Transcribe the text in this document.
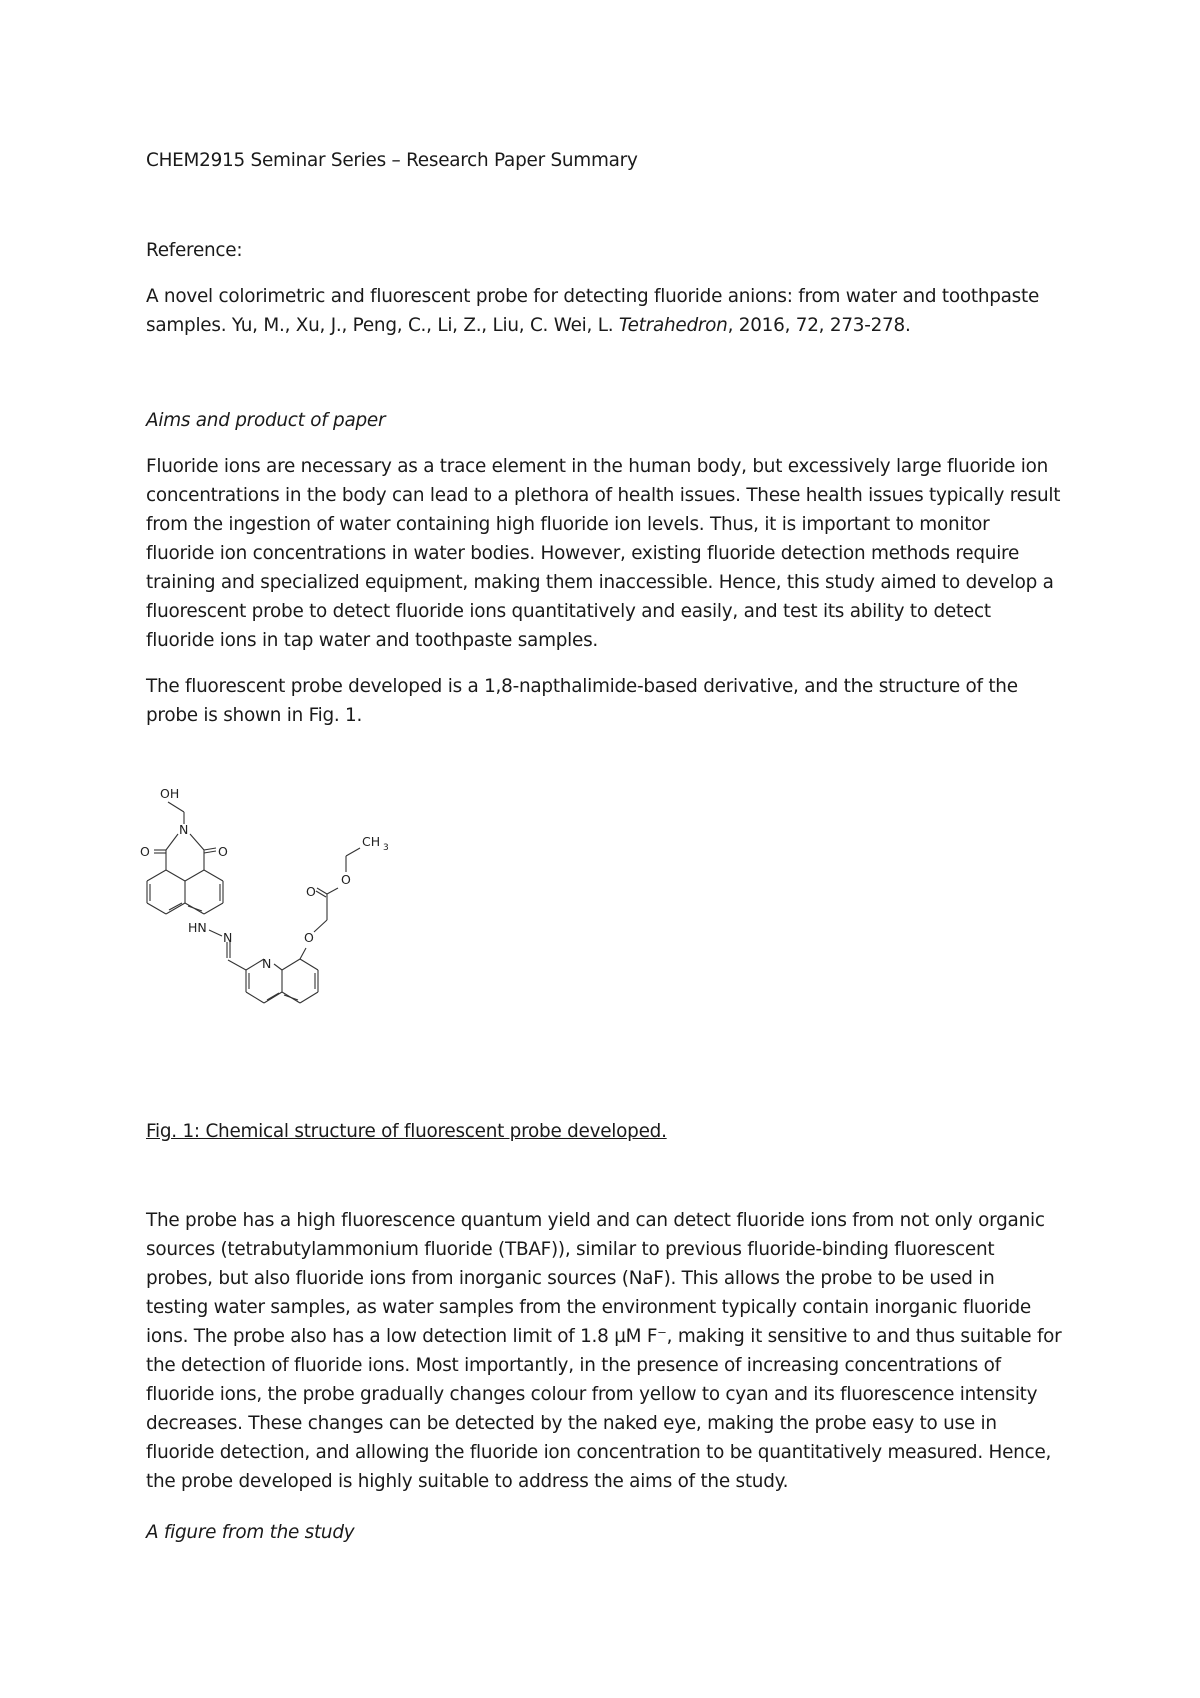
CHEM2915 Seminar Series – Research Paper Summary
Reference:
A novel colorimetric and fluorescent probe for detecting fluoride anions: from water and toothpaste
samples. Yu, M., Xu, J., Peng, C., Li, Z., Liu, C. Wei, L. Tetrahedron, 2016, 72, 273-278.
Aims and product of paper
Fluoride ions are necessary as a trace element in the human body, but excessively large fluoride ion
concentrations in the body can lead to a plethora of health issues. These health issues typically result
from the ingestion of water containing high fluoride ion levels. Thus, it is important to monitor
fluoride ion concentrations in water bodies. However, existing fluoride detection methods require
training and specialized equipment, making them inaccessible. Hence, this study aimed to develop a
fluorescent probe to detect fluoride ions quantitatively and easily, and test its ability to detect
fluoride ions in tap water and toothpaste samples.
The fluorescent probe developed is a 1,8-napthalimide-based derivative, and the structure of the
probe is shown in Fig. 1.
OH
N
O	O
CH 3
O
O
O
HN
N
N
Fig. 1: Chemical structure of fluorescent probe developed.
The probe has a high fluorescence quantum yield and can detect fluoride ions from not only organic
sources (tetrabutylammonium fluoride (TBAF)), similar to previous fluoride-binding fluorescent
probes, but also fluoride ions from inorganic sources (NaF). This allows the probe to be used in
testing water samples, as water samples from the environment typically contain inorganic fluoride
ions. The probe also has a low detection limit of 1.8 µM F⁻, making it sensitive to and thus suitable for
the detection of fluoride ions. Most importantly, in the presence of increasing concentrations of
fluoride ions, the probe gradually changes colour from yellow to cyan and its fluorescence intensity
decreases. These changes can be detected by the naked eye, making the probe easy to use in
fluoride detection, and allowing the fluoride ion concentration to be quantitatively measured. Hence,
the probe developed is highly suitable to address the aims of the study.
A figure from the study
